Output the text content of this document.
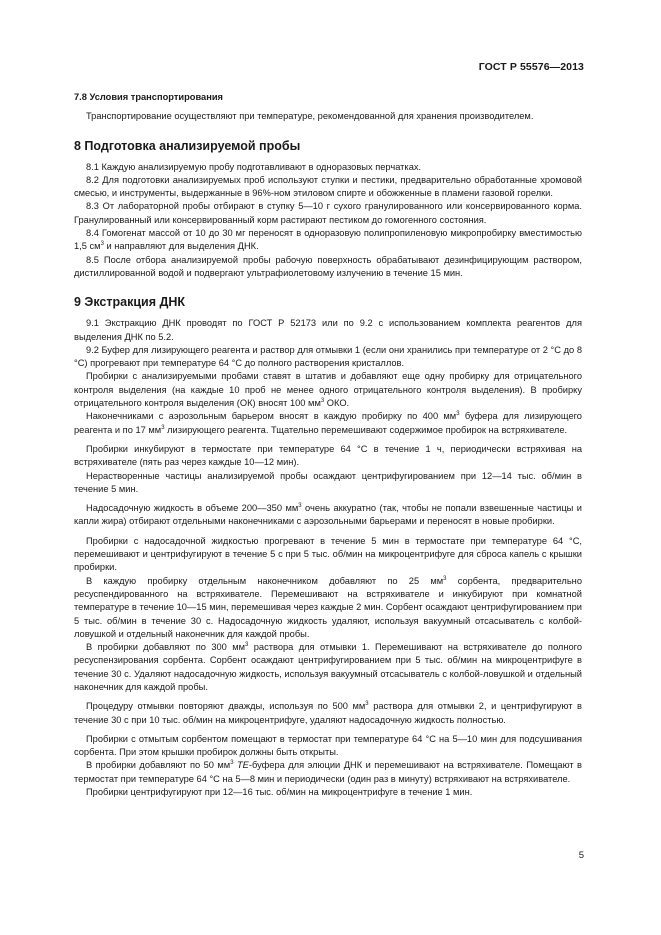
ГОСТ Р 55576—2013
7.8 Условия транспортирования
Транспортирование осуществляют при температуре, рекомендованной для хранения производителем.
8 Подготовка анализируемой пробы
8.1 Каждую анализируемую пробу подготавливают в одноразовых перчатках.
8.2 Для подготовки анализируемых проб используют ступки и пестики, предварительно обработанные хромовой смесью, и инструменты, выдержанные в 96%-ном этиловом спирте и обожженные в пламени газовой горелки.
8.3 От лабораторной пробы отбирают в ступку 5—10 г сухого гранулированного или консервированного корма. Гранулированный или консервированный корм растирают пестиком до гомогенного состояния.
8.4 Гомогенат массой от 10 до 30 мг переносят в одноразовую полипропиленовую микропробирку вместимостью 1,5 $см^3$ и направляют для выделения ДНК.
8.5 После отбора анализируемой пробы рабочую поверхность обрабатывают дезинфицирующим раствором, дистиллированной водой и подвергают ультрафиолетовому излучению в течение 15 мин.
9 Экстракция ДНК
9.1 Экстракцию ДНК проводят по ГОСТ Р 52173 или по 9.2 с использованием комплекта реагентов для выделения ДНК по 5.2.
9.2 Буфер для лизирующего реагента и раствор для отмывки 1 (если они хранились при температуре от 2 °С до 8 °С) прогревают при температуре 64 °С до полного растворения кристаллов.
Пробирки с анализируемыми пробами ставят в штатив и добавляют еще одну пробирку для отрицательного контроля выделения (на каждые 10 проб не менее одного отрицательного контроля выделения). В пробирку отрицательного контроля выделения (ОК) вносят 100 $мм^3$ ОКО.
Наконечниками с аэрозольным барьером вносят в каждую пробирку по 400 $мм^3$ буфера для лизирующего реагента и по 17 $мм^3$ лизирующего реагента. Тщательно перемешивают содержимое пробирок на встряхивателе.
Пробирки инкубируют в термостате при температуре 64 °С в течение 1 ч, периодически встряхивая на встряхивателе (пять раз через каждые 10—12 мин).
Нерастворенные частицы анализируемой пробы осаждают центрифугированием при 12—14 тыс. об/мин в течение 5 мин.
Надосадочную жидкость в объеме 200—350 $мм^3$ очень аккуратно (так, чтобы не попали взвешенные частицы и капли жира) отбирают отдельными наконечниками с аэрозольными барьерами и переносят в новые пробирки.
Пробирки с надосадочной жидкостью прогревают в течение 5 мин в термостате при температуре 64 °С, перемешивают и центрифугируют в течение 5 с при 5 тыс. об/мин на микроцентрифуге для сброса капель с крышки пробирки.
В каждую пробирку отдельным наконечником добавляют по 25 $мм^3$ сорбента, предварительно ресуспендированного на встряхивателе. Перемешивают на встряхивателе и инкубируют при комнатной температуре в течение 10—15 мин, перемешивая через каждые 2 мин. Сорбент осаждают центрифугированием при 5 тыс. об/мин в течение 30 с. Надосадочную жидкость удаляют, используя вакуумный отсасыватель с колбой-ловушкой и отдельный наконечник для каждой пробы.
В пробирки добавляют по 300 $мм^3$ раствора для отмывки 1. Перемешивают на встряхивателе до полного ресуспензирования сорбента. Сорбент осаждают центрифугированием при 5 тыс. об/мин на микроцентрифуге в течение 30 с. Удаляют надосадочную жидкость, используя вакуумный отсасыватель с колбой-ловушкой и отдельный наконечник для каждой пробы.
Процедуру отмывки повторяют дважды, используя по 500 $мм^3$ раствора для отмывки 2, и центрифугируют в течение 30 с при 10 тыс. об/мин на микроцентрифуге, удаляют надосадочную жидкость полностью.
Пробирки с отмытым сорбентом помещают в термостат при температуре 64 °С на 5—10 мин для подсушивания сорбента. При этом крышки пробирок должны быть открыты.
В пробирки добавляют по 50 $мм^3$ ТЕ-буфера для элюции ДНК и перемешивают на встряхивателе. Помещают в термостат при температуре 64 °С на 5—8 мин и периодически (один раз в минуту) встряхивают на встряхивателе.
Пробирки центрифугируют при 12—16 тыс. об/мин на микроцентрифуге в течение 1 мин.
5
